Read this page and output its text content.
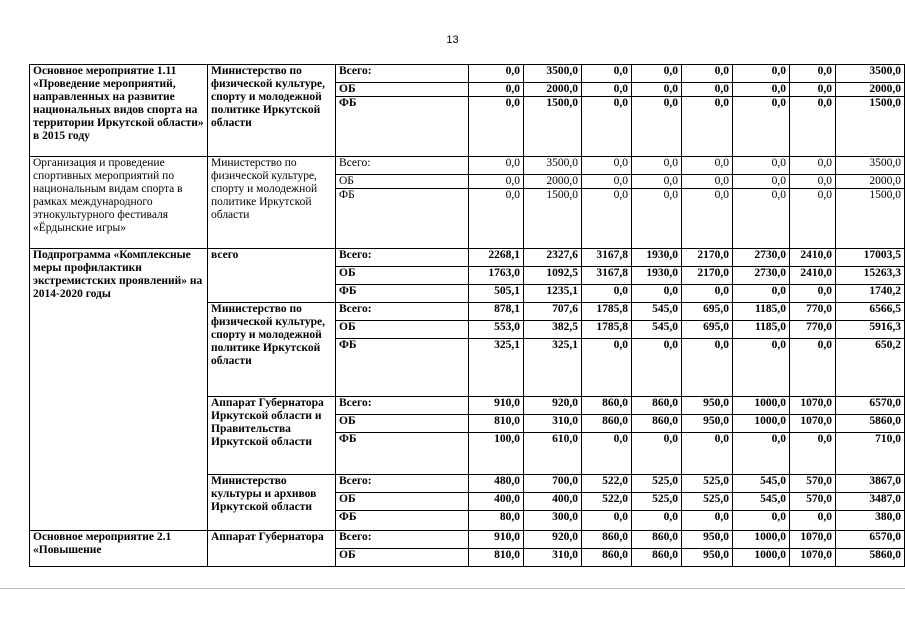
13
Основное мероприятие 1.11 «Проведение мероприятий, направленных на развитие национальных видов спорта на территории Иркутской области» в 2015 году	Министерство по физической культуре, спорту и молодежной политике Иркутской области	Всего:	0,0	3500,0	0,0	0,0	0,0	0,0	0,0	3500,0
		ОБ	0,0	2000,0	0,0	0,0	0,0	0,0	0,0	2000,0
		ФБ	0,0	1500,0	0,0	0,0	0,0	0,0	0,0	1500,0
Организация и проведение спортивных мероприятий по национальным видам спорта в рамках международного этнокультурного фестиваля «Ёрдынские игры»	Министерство по физической культуре, спорту и молодежной политике Иркутской области	Всего:	0,0	3500,0	0,0	0,0	0,0	0,0	0,0	3500,0
		ОБ	0,0	2000,0	0,0	0,0	0,0	0,0	0,0	2000,0
		ФБ	0,0	1500,0	0,0	0,0	0,0	0,0	0,0	1500,0
Подпрограмма «Комплексные меры профилактики экстремистских проявлений» на 2014-2020 годы	всего	Всего:	2268,1	2327,6	3167,8	1930,0	2170,0	2730,0	2410,0	17003,5
		ОБ	1763,0	1092,5	3167,8	1930,0	2170,0	2730,0	2410,0	15263,3
		ФБ	505,1	1235,1	0,0	0,0	0,0	0,0	0,0	1740,2
	Министерство по физической культуре, спорту и молодежной политике Иркутской области	Всего:	878,1	707,6	1785,8	545,0	695,0	1185,0	770,0	6566,5
		ОБ	553,0	382,5	1785,8	545,0	695,0	1185,0	770,0	5916,3
		ФБ	325,1	325,1	0,0	0,0	0,0	0,0	0,0	650,2
	Аппарат Губернатора Иркутской области и Правительства Иркутской области	Всего:	910,0	920,0	860,0	860,0	950,0	1000,0	1070,0	6570,0
		ОБ	810,0	310,0	860,0	860,0	950,0	1000,0	1070,0	5860,0
		ФБ	100,0	610,0	0,0	0,0	0,0	0,0	0,0	710,0
	Министерство культуры и архивов Иркутской области	Всего:	480,0	700,0	522,0	525,0	525,0	545,0	570,0	3867,0
		ОБ	400,0	400,0	522,0	525,0	525,0	545,0	570,0	3487,0
		ФБ	80,0	300,0	0,0	0,0	0,0	0,0	0,0	380,0
Основное мероприятие 2.1 «Повышение	Аппарат Губернатора	Всего:	910,0	920,0	860,0	860,0	950,0	1000,0	1070,0	6570,0
		ОБ	810,0	310,0	860,0	860,0	950,0	1000,0	1070,0	5860,0
